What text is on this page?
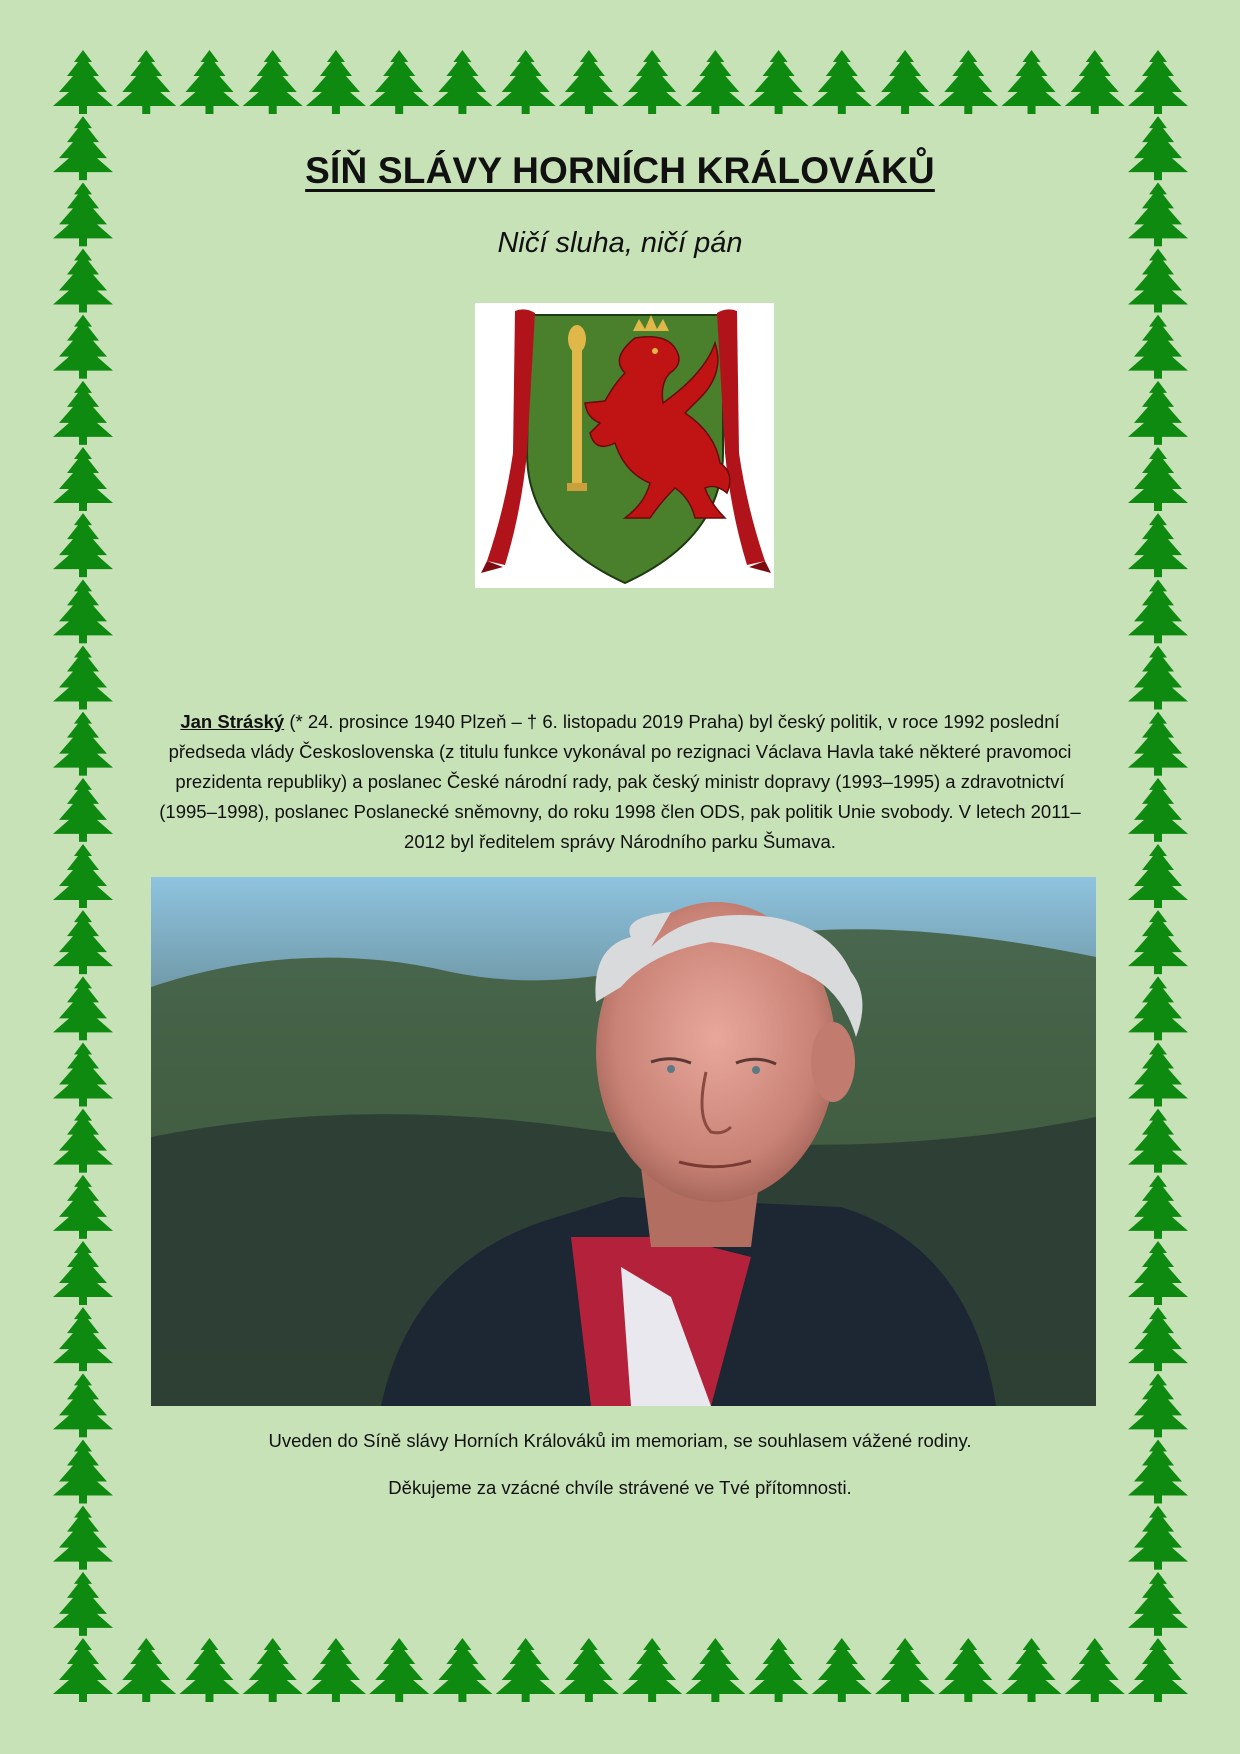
SÍŇ SLÁVY HORNÍCH KRÁLOVÁKŮ
Ničí sluha, ničí pán
Jan Stráský (* 24. prosince 1940 Plzeň – † 6. listopadu 2019 Praha) byl český politik, v roce 1992 poslední předseda vlády Československa (z titulu funkce vykonával po rezignaci Václava Havla také některé pravomoci prezidenta republiky) a poslanec České národní rady, pak český ministr dopravy (1993–1995) a zdravotnictví (1995–1998), poslanec Poslanecké sněmovny, do roku 1998 člen ODS, pak politik Unie svobody. V letech 2011–2012 byl ředitelem správy Národního parku Šumava.
Uveden do Síně slávy Horních Králováků im memoriam, se souhlasem vážené rodiny.
Děkujeme za vzácné chvíle strávené ve Tvé přítomnosti.
